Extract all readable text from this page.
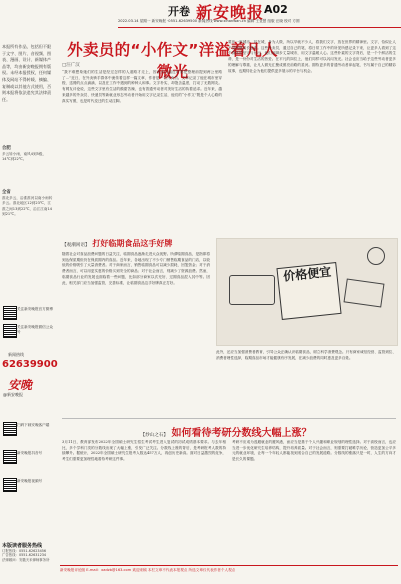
开卷 新安晚报 A02
2022.03.14 星期一 新安晚报 ·0551-62639500 新闻热线·www.xinanwan.cn 编辑 王亚慧 组版 汪晓 校对 方圆
本报所有作品，包括但不限于文字、图片、音视频、图表、漫画、设计、新媒体产品等，均由新安晚报拥有版权。未经本报授权，任何媒体及网站不得转载、摘编、复制或以其他方式使用，否则本报将依法追究其法律责任。
合肥
多云转小雨，南风4到5级，14℃到22℃。
全省
淮北多云，沿淮淮河以南小雨转多云。淮北地区12到23℃，江淮之间13到22℃，沿江江南14到21℃。
关注新安晚报官方微博
关注新安晚报微信公众号
新闻热线
62639900
安晚
@新安晚报
扫码下载安晚客户端
新安晚报抖音号
新安晚报视频号
本版读者服务热线
订报热线：0551-62623456
广告热线：0551-62631234
法律顾问：安徽天禾律师事务所
外卖员的“小作文”洋溢着凡人微光
□汪广汉
“我不难想象她们的生活是经过怎样的人道路才走上，因而大山逼近时要把整理前提到两公里路了…”近日，在外卖骑手群体中流传着这样一篇文章，作者是一名外卖员。文章记录了他在城市里穿梭、送餐的点点滴滴，以及在工作中遇到的种种人和事。文字朴实，却饱含温度，打动了无数网友。有网友评论说，这些文字里有生活的酸甜苦辣，也有普通劳动者对美好生活的执着追求。近年来，越来越多的外卖员、快递员等新就业形态劳动者开始用文字记录生活，他们的“小作文”既是个人心路的真实写照，也是时代变迁的生动注脚。
要在一座城市，站在城，身为人微，所以早就不少人，将我们文字，放在世界的精神里。文字，恰似让人不觉间就成长起来。这些外卖员，通过自己的笔，将日常工作中的所见所感记录下来，让更多人看到了这个群体的坚守与付出。他们用脚步丈量城市，用文字温暖人心。这些朴素的文字背后，是一个个鲜活的生命，是一份份对生活的热爱。在平凡的岗位上，他们同样可以闪闪发光。社会也应当给予这些劳动者更多的理解与尊重，让凡人微光汇聚成照亮前路的星河。期待更多的普通劳动者拿起笔，书写属于自己的精彩故事，也期待社会为他们提供更多展示的平台与机会。
【观潮闲语】 打好临期食品这手好牌
随着社会对食品浪费问题的日益关注，临期食品逐渐走进大众视野。所谓临期食品，是指即将到达保质期但仍在保质期内的食品。近年来，各地出现了不少专门销售临期食品的门店，以较低的价格吸引了大量消费者。对于商家而言，销售临期食品可以减少损耗、回笼资金；对于消费者而言，可以用更实惠的价格买到安全的商品；对于社会而言，则减少了资源浪费。然而，临期食品行业的发展也面临着一些问题，比如部分商家以次充好、过期食品混入其中等。因此，相关部门应当加强监管，完善标准，让临期食品这手好牌真正打好。	价格便宜
此外，还应当加强消费者教育，引导公众正确认识临期食品，树立科学消费观念。只有商家诚信经营、监管到位、消费者理性选择，临期食品市场才能健康有序发展，在减少浪费的同时惠及更多百姓。
【炒山之石】 如何看待考研分数线大幅上涨？
3月11日，教育部发布2022年全国硕士研究生招生考试考生进入复试的初试成绩基本要求。与去年相比，多个学科门类的分数线出现了大幅上涨，引发广泛关注。分数线上涨的背后，是考研报考人数的持续攀升。据统计，2022年全国硕士研究生报考人数达457万人，再创历史新高。面对日益激烈的竞争，考生们需要更加理性地看待考研这件事。
考研不应成为逃避就业的避风港，而应当是基于个人兴趣和职业规划的理性选择。对于高校而言，也应当进一步优化研究生培养结构，提升培养质量。对于社会而言，则需要打破唯学历论，营造更加公平多元的就业环境，让每一个年轻人都能找到适合自己的发展道路。分数线的涨落只是一时，人生的方向才是长久的课题。
新安晚报评论版 E-mail：xadzb@163.com 欢迎来稿 本栏文章不代表本报观点 所选文章仅代表作者个人观点
